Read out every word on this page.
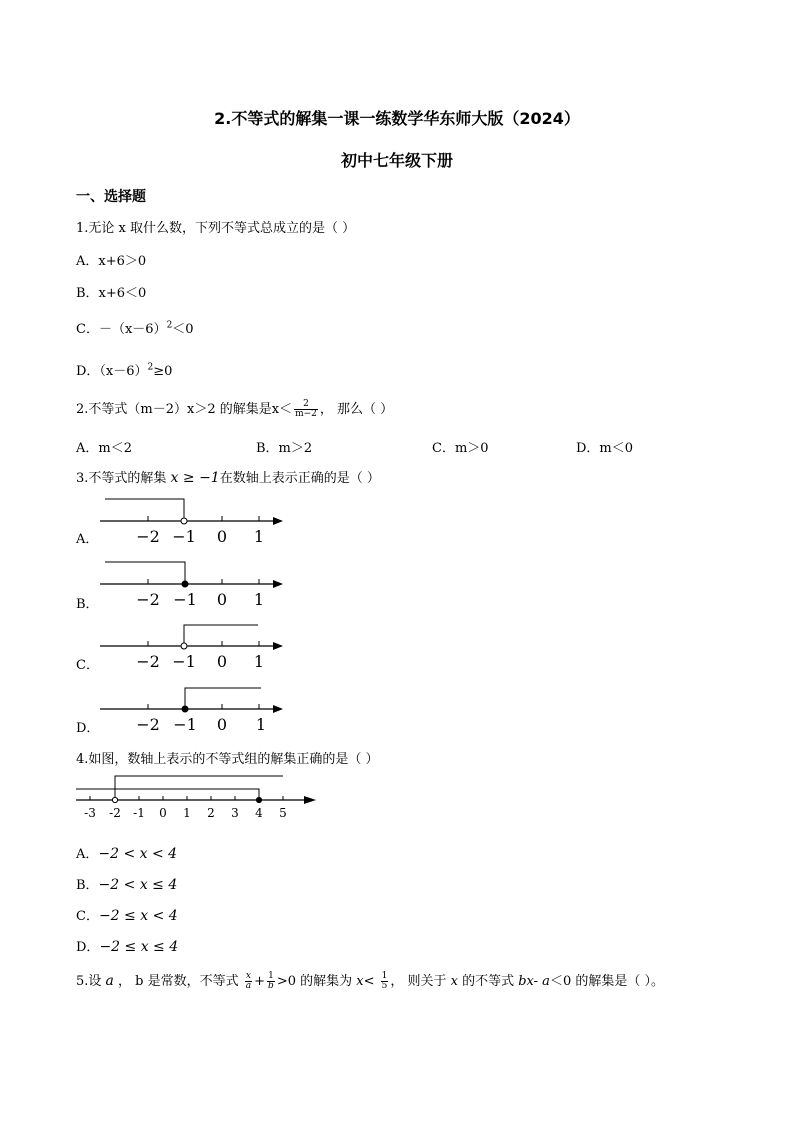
2.不等式的解集一课一练数学华东师大版（2024）
初中七年级下册
一、选择题
1.无论 x 取什么数，下列不等式总成立的是（ ）
A．x+6＞0
B．x+6＜0
C．$-(x-6)^2<0$
D．$(x-6)^2\ge 0$
2.不等式（m－2）x＞2 的解集是$x< \frac{2}{m-2}$ ， 那么（ ）
A．m＜2	B．m＞2	C．m＞0	D．m＜0
3.不等式的解集 x ≥ −1在数轴上表示正确的是（ ）
A． −2 −1 0 1
B． −2 −1 0 1
C． −2 −1 0 1
D． −2 −1 0 1
4.如图，数轴上表示的不等式组的解集正确的是（ ）
-3 -2 -1 0 1 2 3 4 5
A．−2 < x < 4
B．−2 < x ≤ 4
C．−2 ≤ x < 4
D．−2 ≤ x ≤ 4
5.设 a ， b 是常数，不等式 $\frac{x}{a} + \frac{1}{b} >0$ 的解集为 $x< \frac{1}{5}$ ， 则关于 x 的不等式 bx- a＜0 的解集是（ ）。
